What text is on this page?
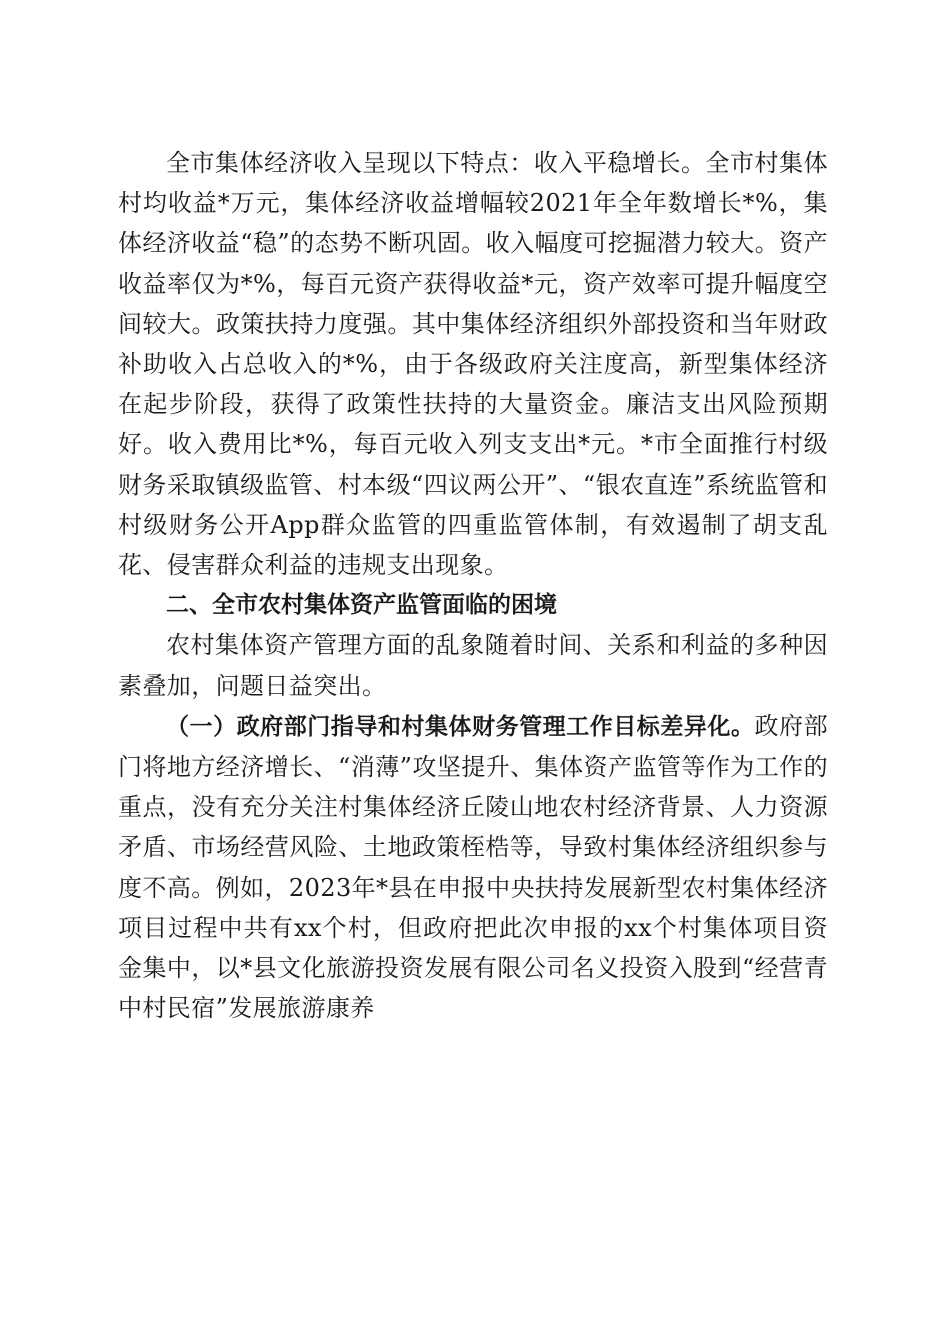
全市集体经济收入呈现以下特点：收入平稳增长。全市村集体村均收益*万元，集体经济收益增幅较2021年全年数增长*%，集体经济收益“稳”的态势不断巩固。收入幅度可挖掘潜力较大。资产收益率仅为*%，每百元资产获得收益*元，资产效率可提升幅度空间较大。政策扶持力度强。其中集体经济组织外部投资和当年财政补助收入占总收入的*%，由于各级政府关注度高，新型集体经济在起步阶段，获得了政策性扶持的大量资金。廉洁支出风险预期好。收入费用比*%，每百元收入列支支出*元。*市全面推行村级财务采取镇级监管、村本级“四议两公开”、“银农直连”系统监管和村级财务公开App群众监管的四重监管体制，有效遏制了胡支乱花、侵害群众利益的违规支出现象。

二、全市农村集体资产监管面临的困境

农村集体资产管理方面的乱象随着时间、关系和利益的多种因素叠加，问题日益突出。

（一）政府部门指导和村集体财务管理工作目标差异化。政府部门将地方经济增长、“消薄”攻坚提升、集体资产监管等作为工作的重点，没有充分关注村集体经济丘陵山地农村经济背景、人力资源矛盾、市场经营风险、土地政策桎梏等，导致村集体经济组织参与度不高。例如，2023年*县在申报中央扶持发展新型农村集体经济项目过程中共有xx个村，但政府把此次申报的xx个村集体项目资金集中，以*县文化旅游投资发展有限公司名义投资入股到“经营青中村民宿”发展旅游康养
